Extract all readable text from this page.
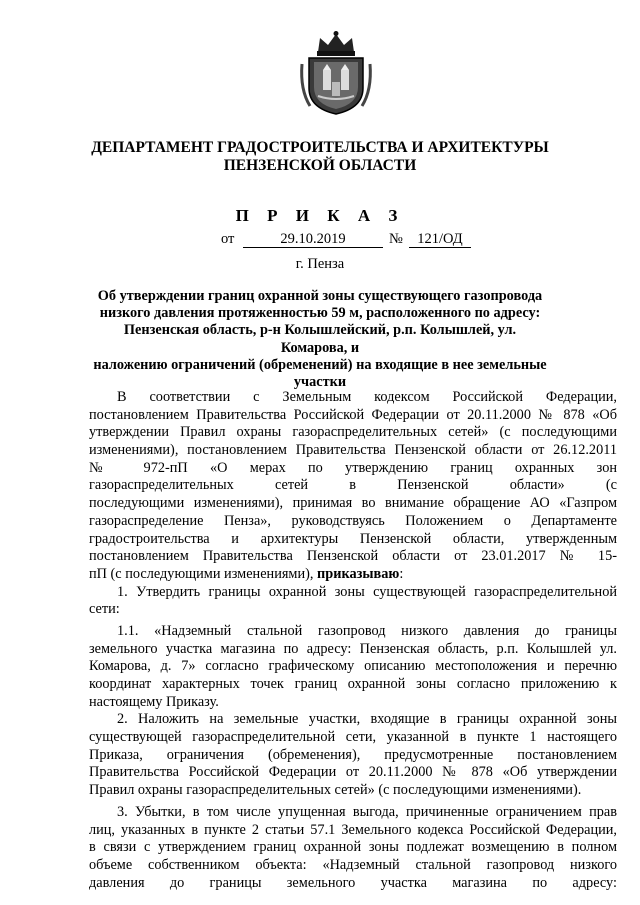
ДЕПАРТАМЕНТ ГРАДОСТРОИТЕЛЬСТВА И АРХИТЕКТУРЫ
ПЕНЗЕНСКОЙ ОБЛАСТИ
П Р И К А З
от	29.10.2019	№ 121/ОД
г. Пенза
Об утверждении границ охранной зоны существующего газопровода
низкого давления протяженностью 59 м, расположенного по адресу:
Пензенская область, р-н Колышлейский, р.п. Колышлей, ул. Комарова, и
наложению ограничений (обременений) на входящие в нее земельные
участки
В соответствии с Земельным кодексом Российской Федерации,
постановлением Правительства Российской Федерации от 20.11.2000 № 878 «Об
утверждении Правил охраны газораспределительных сетей» (с последующими
изменениями), постановлением Правительства Пензенской области от 26.12.2011
№ 972-пП «О мерах по утверждению границ охранных зон
газораспределительных сетей в Пензенской области» (с
последующими изменениями), принимая во внимание обращение АО «Газпром
газораспределение Пенза», руководствуясь Положением о Департаменте
градостроительства и архитектуры Пензенской области, утвержденным
постановлением Правительства Пензенской области от 23.01.2017 № 15-
пП (с последующими изменениями), приказываю:
1. Утвердить границы охранной зоны существующей газораспределительной
сети:
1.1. «Надземный стальной газопровод низкого давления до границы
земельного участка магазина по адресу: Пензенская область, р.п. Колышлей ул.
Комарова, д. 7» согласно графическому описанию местоположения и перечню
координат характерных точек границ охранной зоны согласно приложению к
настоящему Приказу.
2. Наложить на земельные участки, входящие в границы охранной зоны
существующей газораспределительной сети, указанной в пункте 1 настоящего
Приказа, ограничения (обременения), предусмотренные постановлением
Правительства Российской Федерации от 20.11.2000 № 878 «Об утверждении
Правил охраны газораспределительных сетей» (с последующими изменениями).
3. Убытки, в том числе упущенная выгода, причиненные ограничением прав
лиц, указанных в пункте 2 статьи 57.1 Земельного кодекса Российской Федерации,
в связи с утверждением границ охранной зоны подлежат возмещению в полном
объеме собственником объекта: «Надземный стальной газопровод низкого
давления до границы земельного участка магазина по адресу:
